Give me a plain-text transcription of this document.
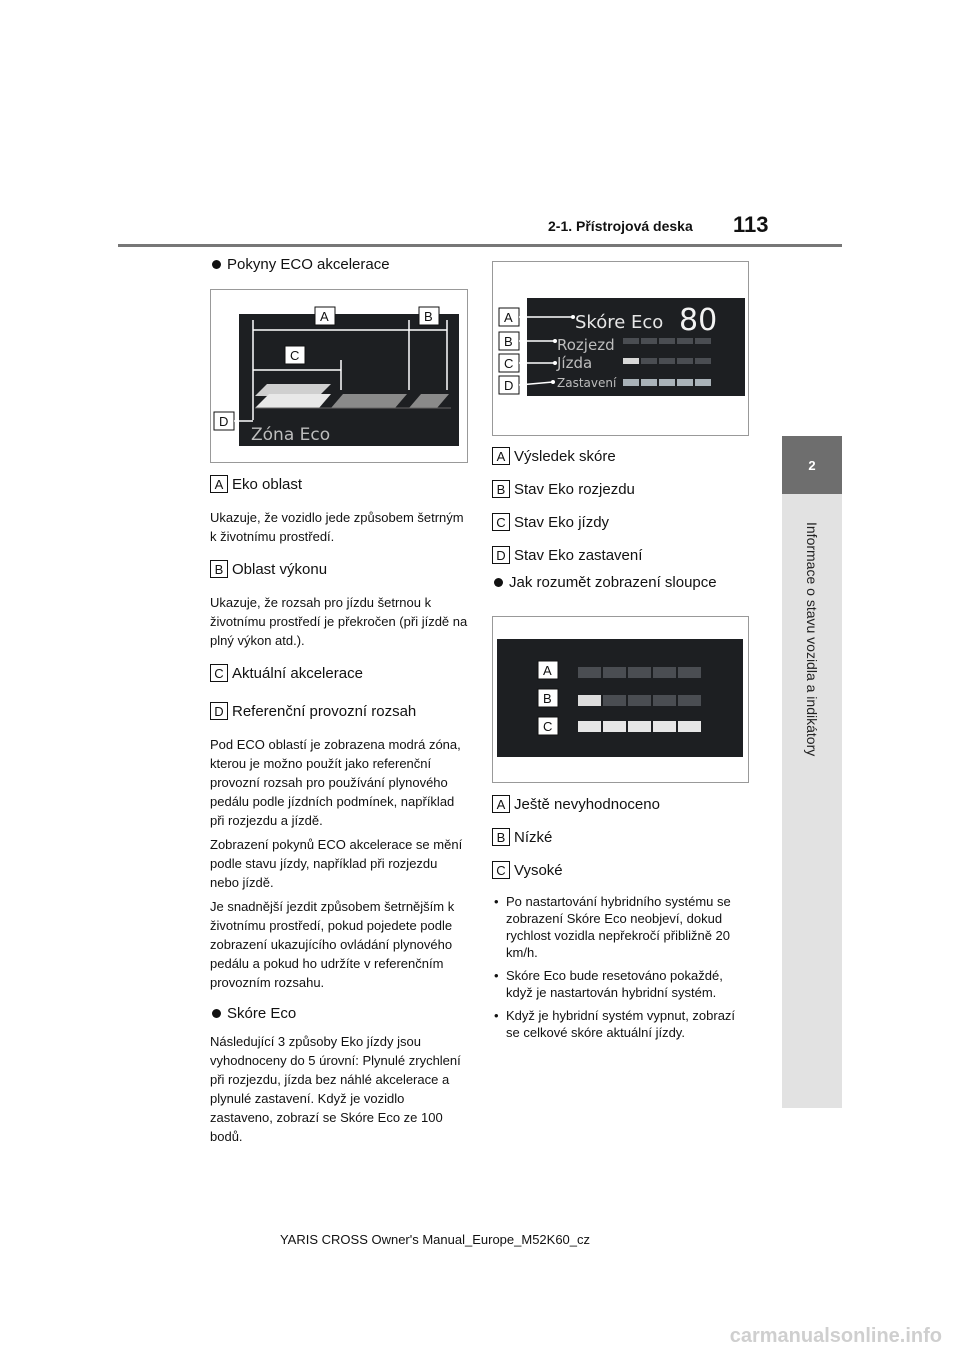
2-1. Přístrojová deska 113
2
Informace o stavu vozidla a indikátory
Pokyny ECO akcelerace
Zóna Eco
A	B
C
D
A Eko oblast

Ukazuje, že vozidlo jede způsobem šetrným k životnímu prostředí.

B Oblast výkonu

Ukazuje, že rozsah pro jízdu šetrnou k životnímu prostředí je překročen (při jízdě na plný výkon atd.).

C Aktuální akcelerace
D Referenční provozní rozsah

Pod ECO oblastí je zobrazena modrá zóna, kterou je možno použít jako referenční provozní rozsah pro používání plynového pedálu podle jízdních podmínek, například při rozjezdu a jízdě.

Zobrazení pokynů ECO akcelerace se mění podle stavu jízdy, například při rozjezdu nebo jízdě.

Je snadnější jezdit způsobem šetrnějším k životnímu prostředí, pokud pojedete podle zobrazení ukazujícího ovládání plynového pedálu a pokud ho udržíte v referenčním provozním rozsahu.

Skóre Eco

Následující 3 způsoby Eko jízdy jsou vyhodnoceny do 5 úrovní: Plynulé zrychlení při rozjezdu, jízda bez náhlé akcelerace a plynulé zastavení. Když je vozidlo zastaveno, zobrazí se Skóre Eco ze 100 bodů.

Skóre Eco 80
Rozjezd
Jízda
Zastavení
A
B
C
D
A Výsledek skóre
B Stav Eko rozjezdu
C Stav Eko jízdy
D Stav Eko zastavení
Jak rozumět zobrazení sloupce
A
B
C
A Ještě nevyhodnoceno
B Nízké
C Vysoké
• Po nastartování hybridního systému se zobrazení Skóre Eco neobjeví, dokud rychlost vozidla nepřekročí přibližně 20 km/h.
• Skóre Eco bude resetováno pokaždé, když je nastartován hybridní systém.
• Když je hybridní systém vypnut, zobrazí se celkové skóre aktuální jízdy.
YARIS CROSS Owner's Manual_Europe_M52K60_cz
carmanualsonline.info
